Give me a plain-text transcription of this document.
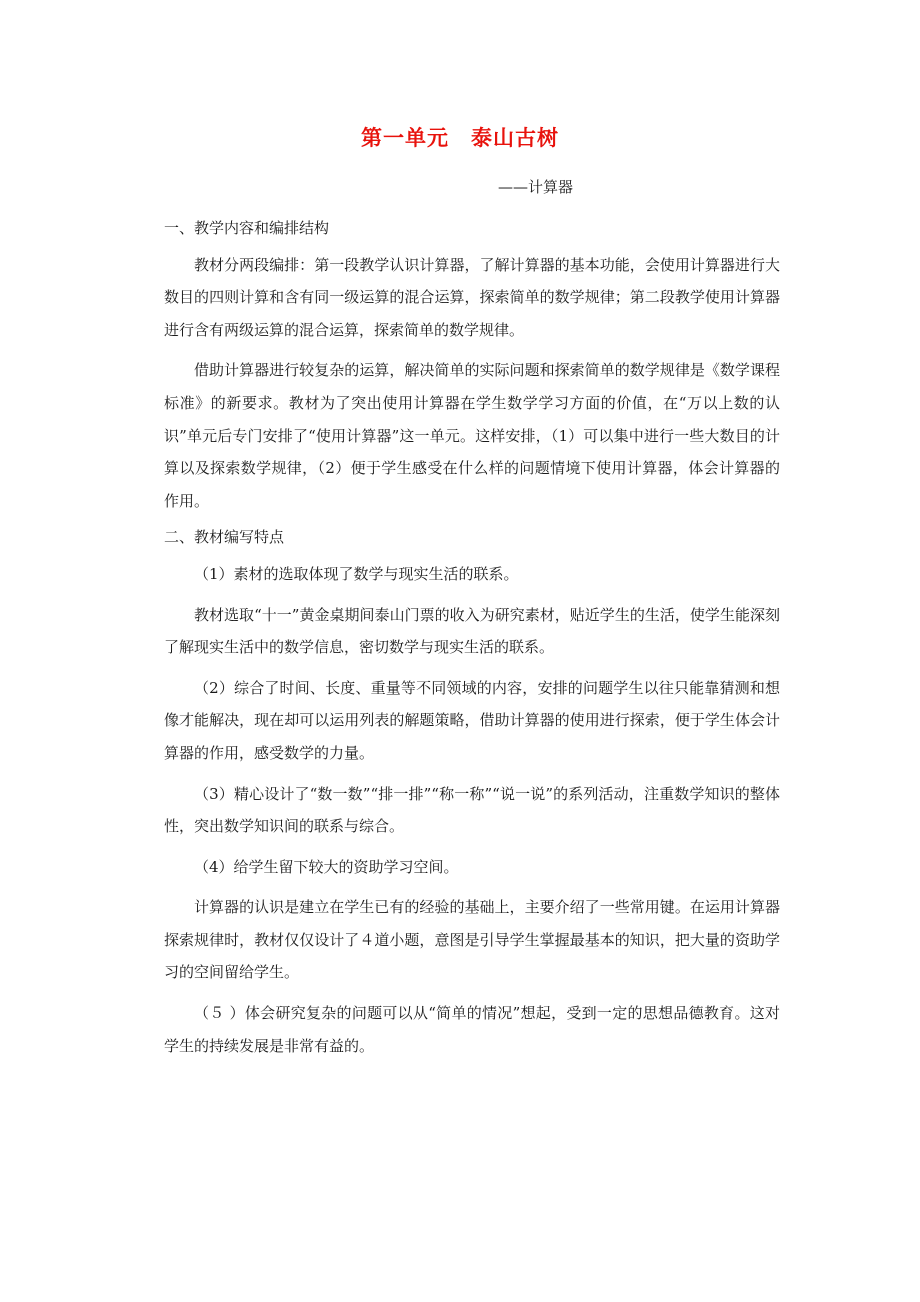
第一单元　泰山古树
——计算器

一、教学内容和编排结构

教材分两段编排：第一段教学认识计算器，了解计算器的基本功能，会使用计算器进行大数目的四则计算和含有同一级运算的混合运算，探索简单的数学规律；第二段教学使用计算器进行含有两级运算的混合运算，探索简单的数学规律。

借助计算器进行较复杂的运算，解决简单的实际问题和探索简单的数学规律是《数学课程标准》的新要求。教材为了突出使用计算器在学生数学学习方面的价值，在“万以上数的认识”单元后专门安排了“使用计算器”这一单元。这样安排，（1）可以集中进行一些大数目的计算以及探索数学规律，（2）便于学生感受在什么样的问题情境下使用计算器，体会计算器的作用。

二、教材编写特点

（1）素材的选取体现了数学与现实生活的联系。

教材选取“十一”黄金桌期间泰山门票的收入为研究素材，贴近学生的生活，使学生能深刻了解现实生活中的数学信息，密切数学与现实生活的联系。

（2）综合了时间、长度、重量等不同领域的内容，安排的问题学生以往只能靠猜测和想像才能解决，现在却可以运用列表的解题策略，借助计算器的使用进行探索，便于学生体会计算器的作用，感受数学的力量。

（3）精心设计了“数一数”“排一排”“称一称”“说一说”的系列活动，注重数学知识的整体性，突出数学知识间的联系与综合。

（4）给学生留下较大的资助学习空间。

计算器的认识是建立在学生已有的经验的基础上，主要介绍了一些常用键。在运用计算器探索规律时，教材仅仅设计了４道小题，意图是引导学生掌握最基本的知识，把大量的资助学习的空间留给学生。

（５ ）体会研究复杂的问题可以从“简单的情况”想起，受到一定的思想品德教育。这对学生的持续发展是非常有益的。
